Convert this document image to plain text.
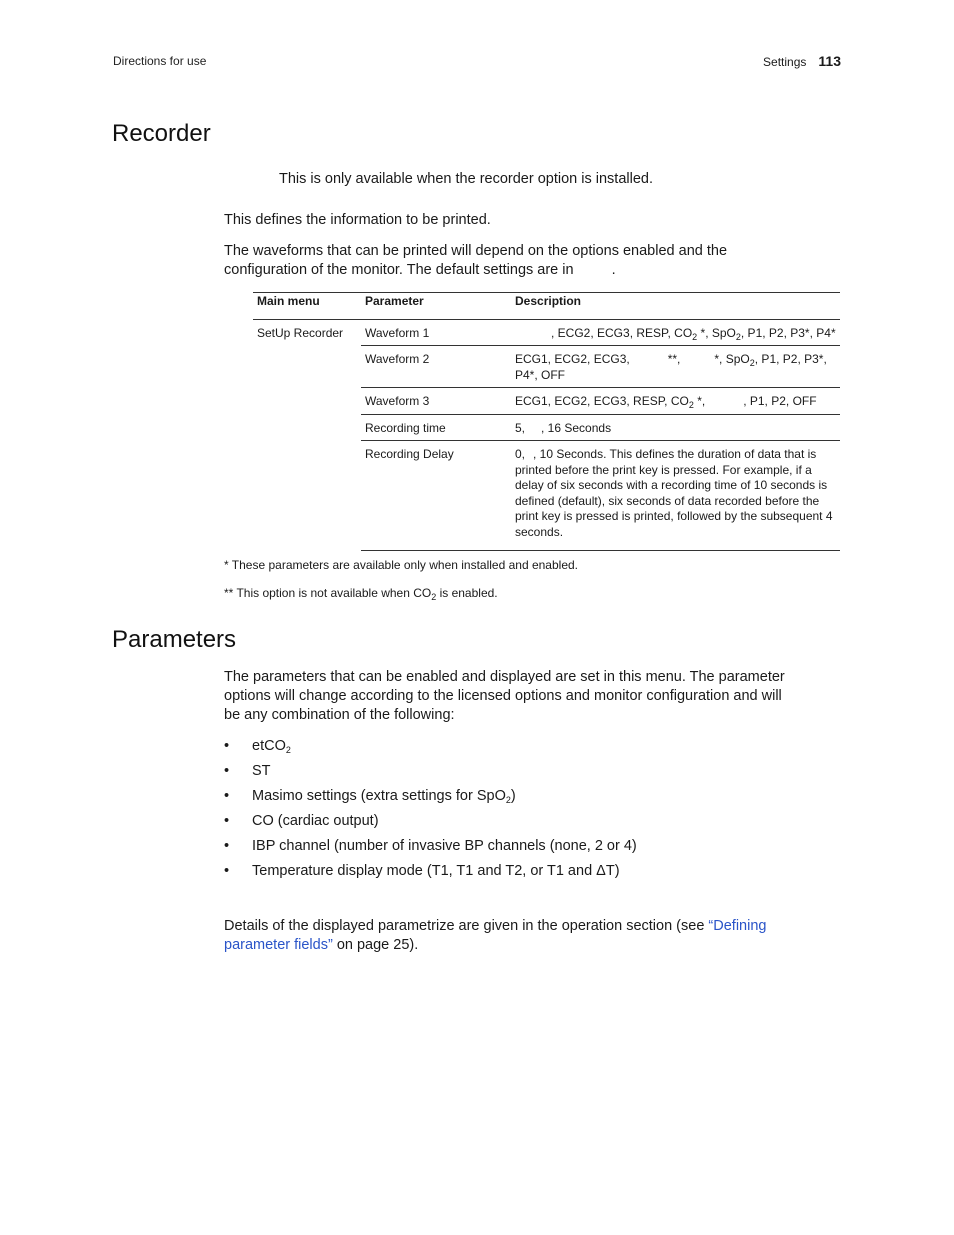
Directions for use	Settings 113
Recorder

This is only available when the recorder option is installed.

This defines the information to be printed.

The waveforms that can be printed will depend on the options enabled and the

configuration of the monitor. The default settings are in	.

Main menu	Parameter	Description
SetUp Recorder	Waveform 1	, ECG2, ECG3, RESP, $CO_2$ *, SpO$_2$, P1, P2, P3*, P4*
	Waveform 2	ECG1, ECG2, ECG3, **, *, SpO$_2$, P1, P2, P3*,
P4*, OFF
	Waveform 3	ECG1, ECG2, ECG3, RESP, $CO_2$ *, , P1, P2, OFF
	Recording time	5, , 16 Seconds
	Recording Delay	0, , 10 Seconds. This defines the duration of data that is printed before the print key is pressed. For example, if a delay of six seconds with a recording time of 10 seconds is defined (default), six seconds of data recorded before the print key is pressed is printed, followed by the subsequent 4 seconds.

* These parameters are available only when installed and enabled.

** This option is not available when $CO_2$ is enabled.

Parameters

The parameters that can be enabled and displayed are set in this menu. The parameter

options will change according to the licensed options and monitor configuration and will

be any combination of the following:

• etCO$_2$
• ST
• Masimo settings (extra settings for SpO$_2$)
• CO (cardiac output)
• IBP channel (number of invasive BP channels (none, 2 or 4)
• Temperature display mode (T1, T1 and T2, or T1 and ΔT)

Details of the displayed parametrize are given in the operation section (see “Defining

parameter fields” on page 25).
